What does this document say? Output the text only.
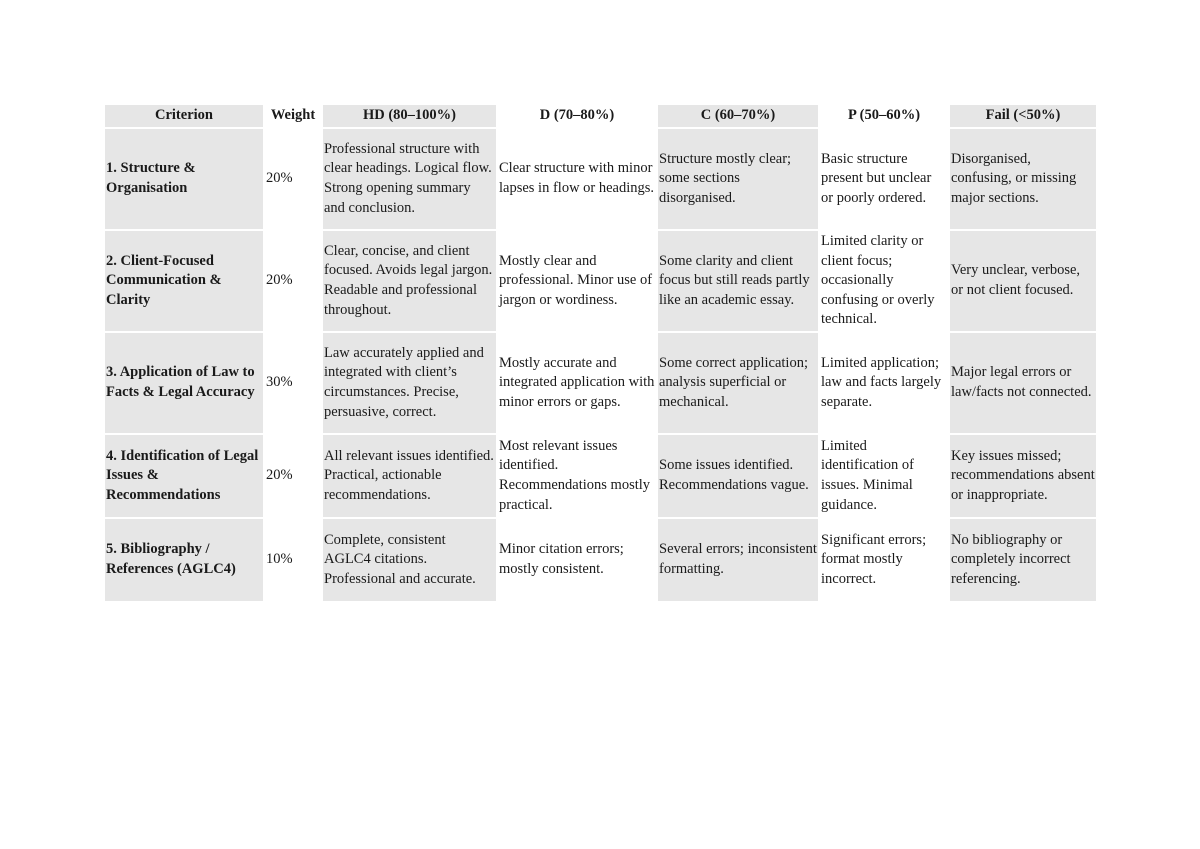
Criterion	Weight	HD (80–100%)	D (70–80%)	C (60–70%)	P (50–60%)	Fail (<50%)
1. Structure & Organisation	20%	Professional structure with clear headings. Logical flow. Strong opening summary and conclusion.	Clear structure with minor lapses in flow or headings.	Structure mostly clear; some sections disorganised.	Basic structure present but unclear or poorly ordered.	Disorganised, confusing, or missing major sections.
2. Client-Focused Communication & Clarity	20%	Clear, concise, and client focused. Avoids legal jargon. Readable and professional throughout.	Mostly clear and professional. Minor use of jargon or wordiness.	Some clarity and client focus but still reads partly like an academic essay.	Limited clarity or client focus; occasionally confusing or overly technical.	Very unclear, verbose, or not client focused.
3. Application of Law to Facts & Legal Accuracy	30%	Law accurately applied and integrated with client’s circumstances. Precise, persuasive, correct.	Mostly accurate and integrated application with minor errors or gaps.	Some correct application; analysis superficial or mechanical.	Limited application; law and facts largely separate.	Major legal errors or law/facts not connected.
4. Identification of Legal Issues & Recommendations	20%	All relevant issues identified. Practical, actionable recommendations.	Most relevant issues identified. Recommendations mostly practical.	Some issues identified. Recommendations vague.	Limited identification of issues. Minimal guidance.	Key issues missed; recommendations absent or inappropriate.
5. Bibliography / References (AGLC4)	10%	Complete, consistent AGLC4 citations. Professional and accurate.	Minor citation errors; mostly consistent.	Several errors; inconsistent formatting.	Significant errors; format mostly incorrect.	No bibliography or completely incorrect referencing.
